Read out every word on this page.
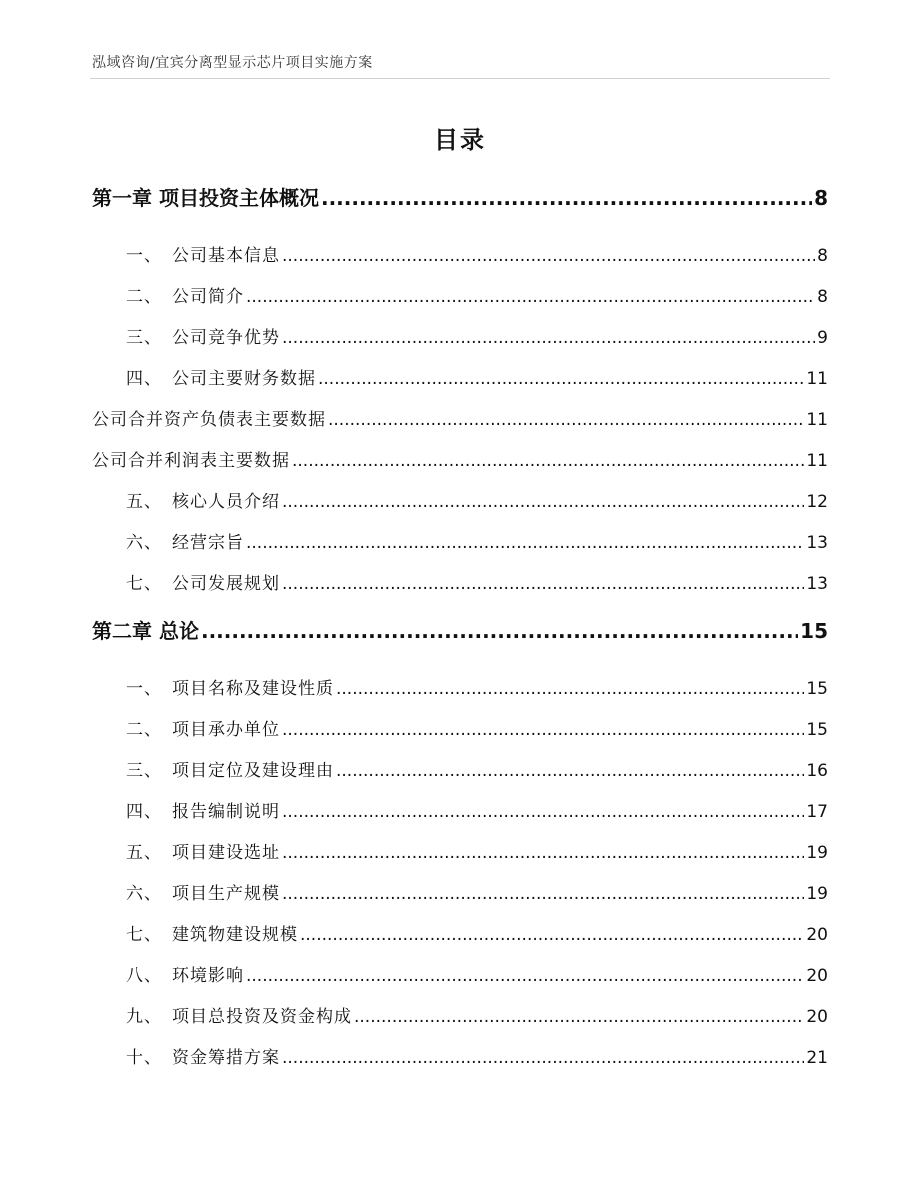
泓域咨询/宜宾分离型显示芯片项目实施方案
目录
第一章 项目投资主体概况 .....	8
一、 公司基本信息 .....	8
二、 公司简介 .....	8
三、 公司竞争优势 .....	9
四、 公司主要财务数据 .....	11
公司合并资产负债表主要数据 .....	11
公司合并利润表主要数据 .....	11
五、 核心人员介绍 .....	12
六、 经营宗旨 .....	13
七、 公司发展规划 .....	13
第二章 总论 .....	15
一、 项目名称及建设性质 .....	15
二、 项目承办单位 .....	15
三、 项目定位及建设理由 .....	16
四、 报告编制说明 .....	17
五、 项目建设选址 .....	19
六、 项目生产规模 .....	19
七、 建筑物建设规模 .....	20
八、 环境影响 .....	20
九、 项目总投资及资金构成 .....	20
十、 资金筹措方案 .....	21
